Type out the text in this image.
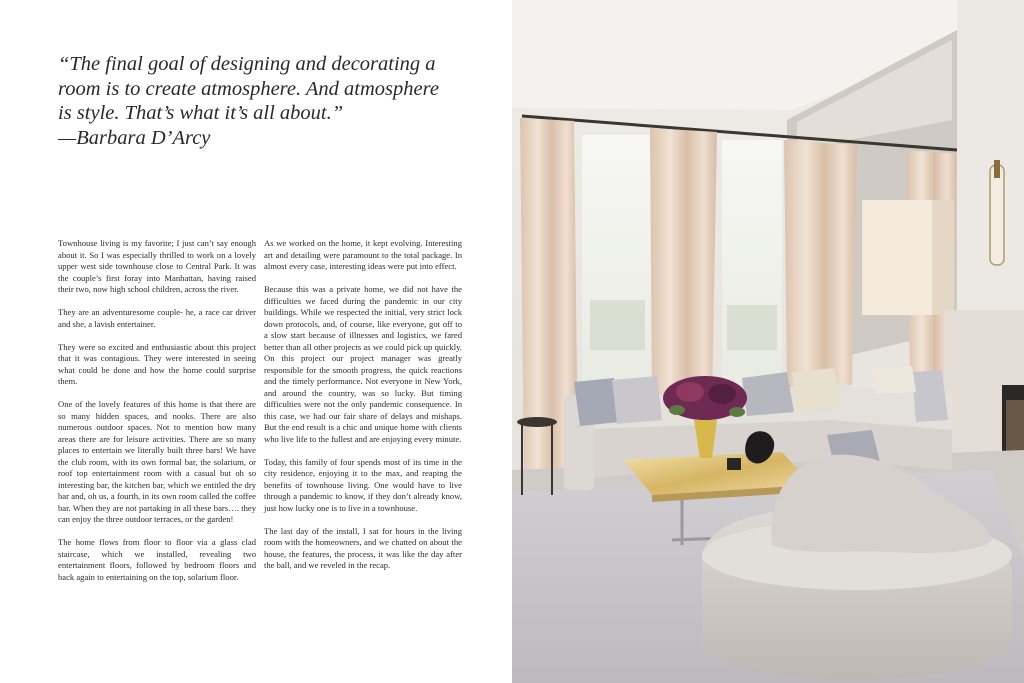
“The final goal of designing and decorating a
room is to create atmosphere. And atmosphere
is style. That’s what it’s all about.”
—Barbara D’Arcy

Townhouse living is my favorite; I just can’t say enough about it. So I was especially thrilled to work on a lovely upper west side townhouse close to Central Park. It was the couple’s first foray into Manhattan, having raised their two, now high school children, across the river.

They are an adventuresome couple- he, a race car driver and she, a lavish entertainer.

They were so excited and enthusiastic about this project that it was contagious. They were interested in seeing what could be done and how the home could surprise them.

One of the lovely features of this home is that there are so many hidden spaces, and nooks. There are also numerous outdoor spaces. Not to mention how many areas there are for leisure activities. There are so many places to entertain we literally built three bars! We have the club room, with its own formal bar, the solarium, or roof top entertainment room with a casual but oh so interesting bar, the kitchen bar, which we entitled the dry bar and, oh us, a fourth, in its own room called the coffee bar. When they are not partaking in all these bars…. they can enjoy the three outdoor terraces, or the garden!

The home flows from floor to floor via a glass clad staircase, which we installed, revealing two entertainment floors, followed by bedroom floors and back again to entertaining on the top, solarium floor.

As we worked on the home, it kept evolving. Interesting art and detailing were paramount to the total package. In almost every case, interesting ideas were put into effect.

Because this was a private home, we did not have the difficulties we faced during the pandemic in our city buildings. While we respected the initial, very strict lock down protocols, and, of course, like everyone, got off to a slow start because of illnesses and logistics, we fared better than all other projects as we could pick up quickly. On this project our project manager was greatly responsible for the smooth progress, the quick reactions and the timely performance. Not everyone in New York, and around the country, was so lucky. But timing difficulties were not the only pandemic consequence. In this case, we had our fair share of delays and mishaps. But the end result is a chic and unique home with clients who live life to the fullest and are enjoying every minute.

Today, this family of four spends most of its time in the city residence, enjoying it to the max, and reaping the benefits of townhouse living. One would have to live through a pandemic to know, if they don’t already know, just how lucky one is to live in a townhouse.

The last day of the install, I sat for hours in the living room with the homeowners, and we chatted on about the house, the features, the process, it was like the day after the ball, and we reveled in the recap.
